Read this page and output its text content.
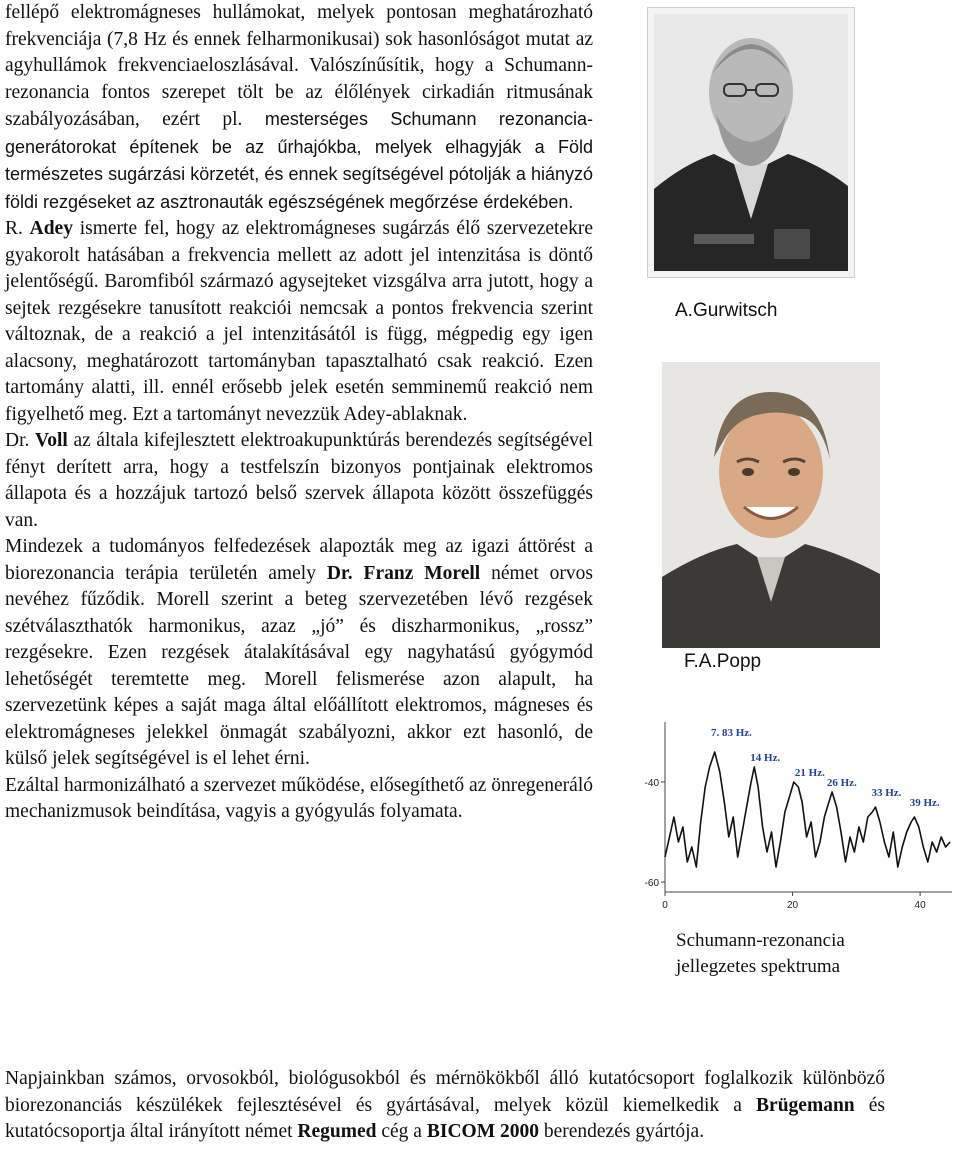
fellépő elektromágneses hullámokat, melyek pontosan meghatározható frekvenciája (7,8 Hz és ennek felharmonikusai) sok hasonlóságot mutat az agyhullámok frekvenciaeloszlásával. Valószínűsítik, hogy a Schumann-rezonancia fontos szerepet tölt be az élőlények cirkadián ritmusának szabályozásában, ezért pl. mesterséges Schumann rezonancia-generátorokat építenek be az űrhajókba, melyek elhagyják a Föld természetes sugárzási körzetét, és ennek segítségével pótolják a hiányzó földi rezgéseket az asztronauták egészségének megőrzése érdekében.

R. Adey ismerte fel, hogy az elektromágneses sugárzás élő szervezetekre gyakorolt hatásában a frekvencia mellett az adott jel intenzitása is döntő jelentőségű. Baromfiból származó agysejteket vizsgálva arra jutott, hogy a sejtek rezgésekre tanusított reakciói nemcsak a pontos frekvencia szerint változnak, de a reakció a jel intenzitásától is függ, mégpedig egy igen alacsony, meghatározott tartományban tapasztalható csak reakció. Ezen tartomány alatti, ill. ennél erősebb jelek esetén semminemű reakció nem figyelhető meg. Ezt a tartományt nevezzük Adey-ablaknak.

Dr. Voll az általa kifejlesztett elektroakupunktúrás berendezés segítségével fényt derített arra, hogy a testfelszín bizonyos pontjainak elektromos állapota és a hozzájuk tartozó belső szervek állapota között összefüggés van.

Mindezek a tudományos felfedezések alapozták meg az igazi áttörést a biorezonancia terápia területén amely Dr. Franz Morell német orvos nevéhez fűződik. Morell szerint a beteg szervezetében lévő rezgések szétválaszthatók harmonikus, azaz „jó” és diszharmonikus, „rossz” rezgésekre. Ezen rezgések átalakításával egy nagyhatású gyógymód lehetőségét teremtette meg. Morell felismerése azon alapult, ha szervezetünk képes a saját maga által előállított elektromos, mágneses és elektromágneses jelekkel önmagát szabályozni, akkor ezt hasonló, de külső jelek segítségével is el lehet érni.

Ezáltal harmonizálható a szervezet működése, elősegíthető az önregeneráló mechanizmusok beindítása, vagyis a gyógyulás folyamata.

A.Gurwitsch
F.A.Popp
-40
-60
0	20	40
7. 83 Hz.
14 Hz.
21 Hz.
26 Hz.
33 Hz.
39 Hz.
Schumann-rezonancia jellegzetes spektruma

Napjainkban számos, orvosokból, biológusokból és mérnökökből álló kutatócsoport foglalkozik különböző biorezonanciás készülékek fejlesztésével és gyártásával, melyek közül kiemelkedik a Brügemann és kutatócsoportja által irányított német Regumed cég a BICOM 2000 berendezés gyártója.
